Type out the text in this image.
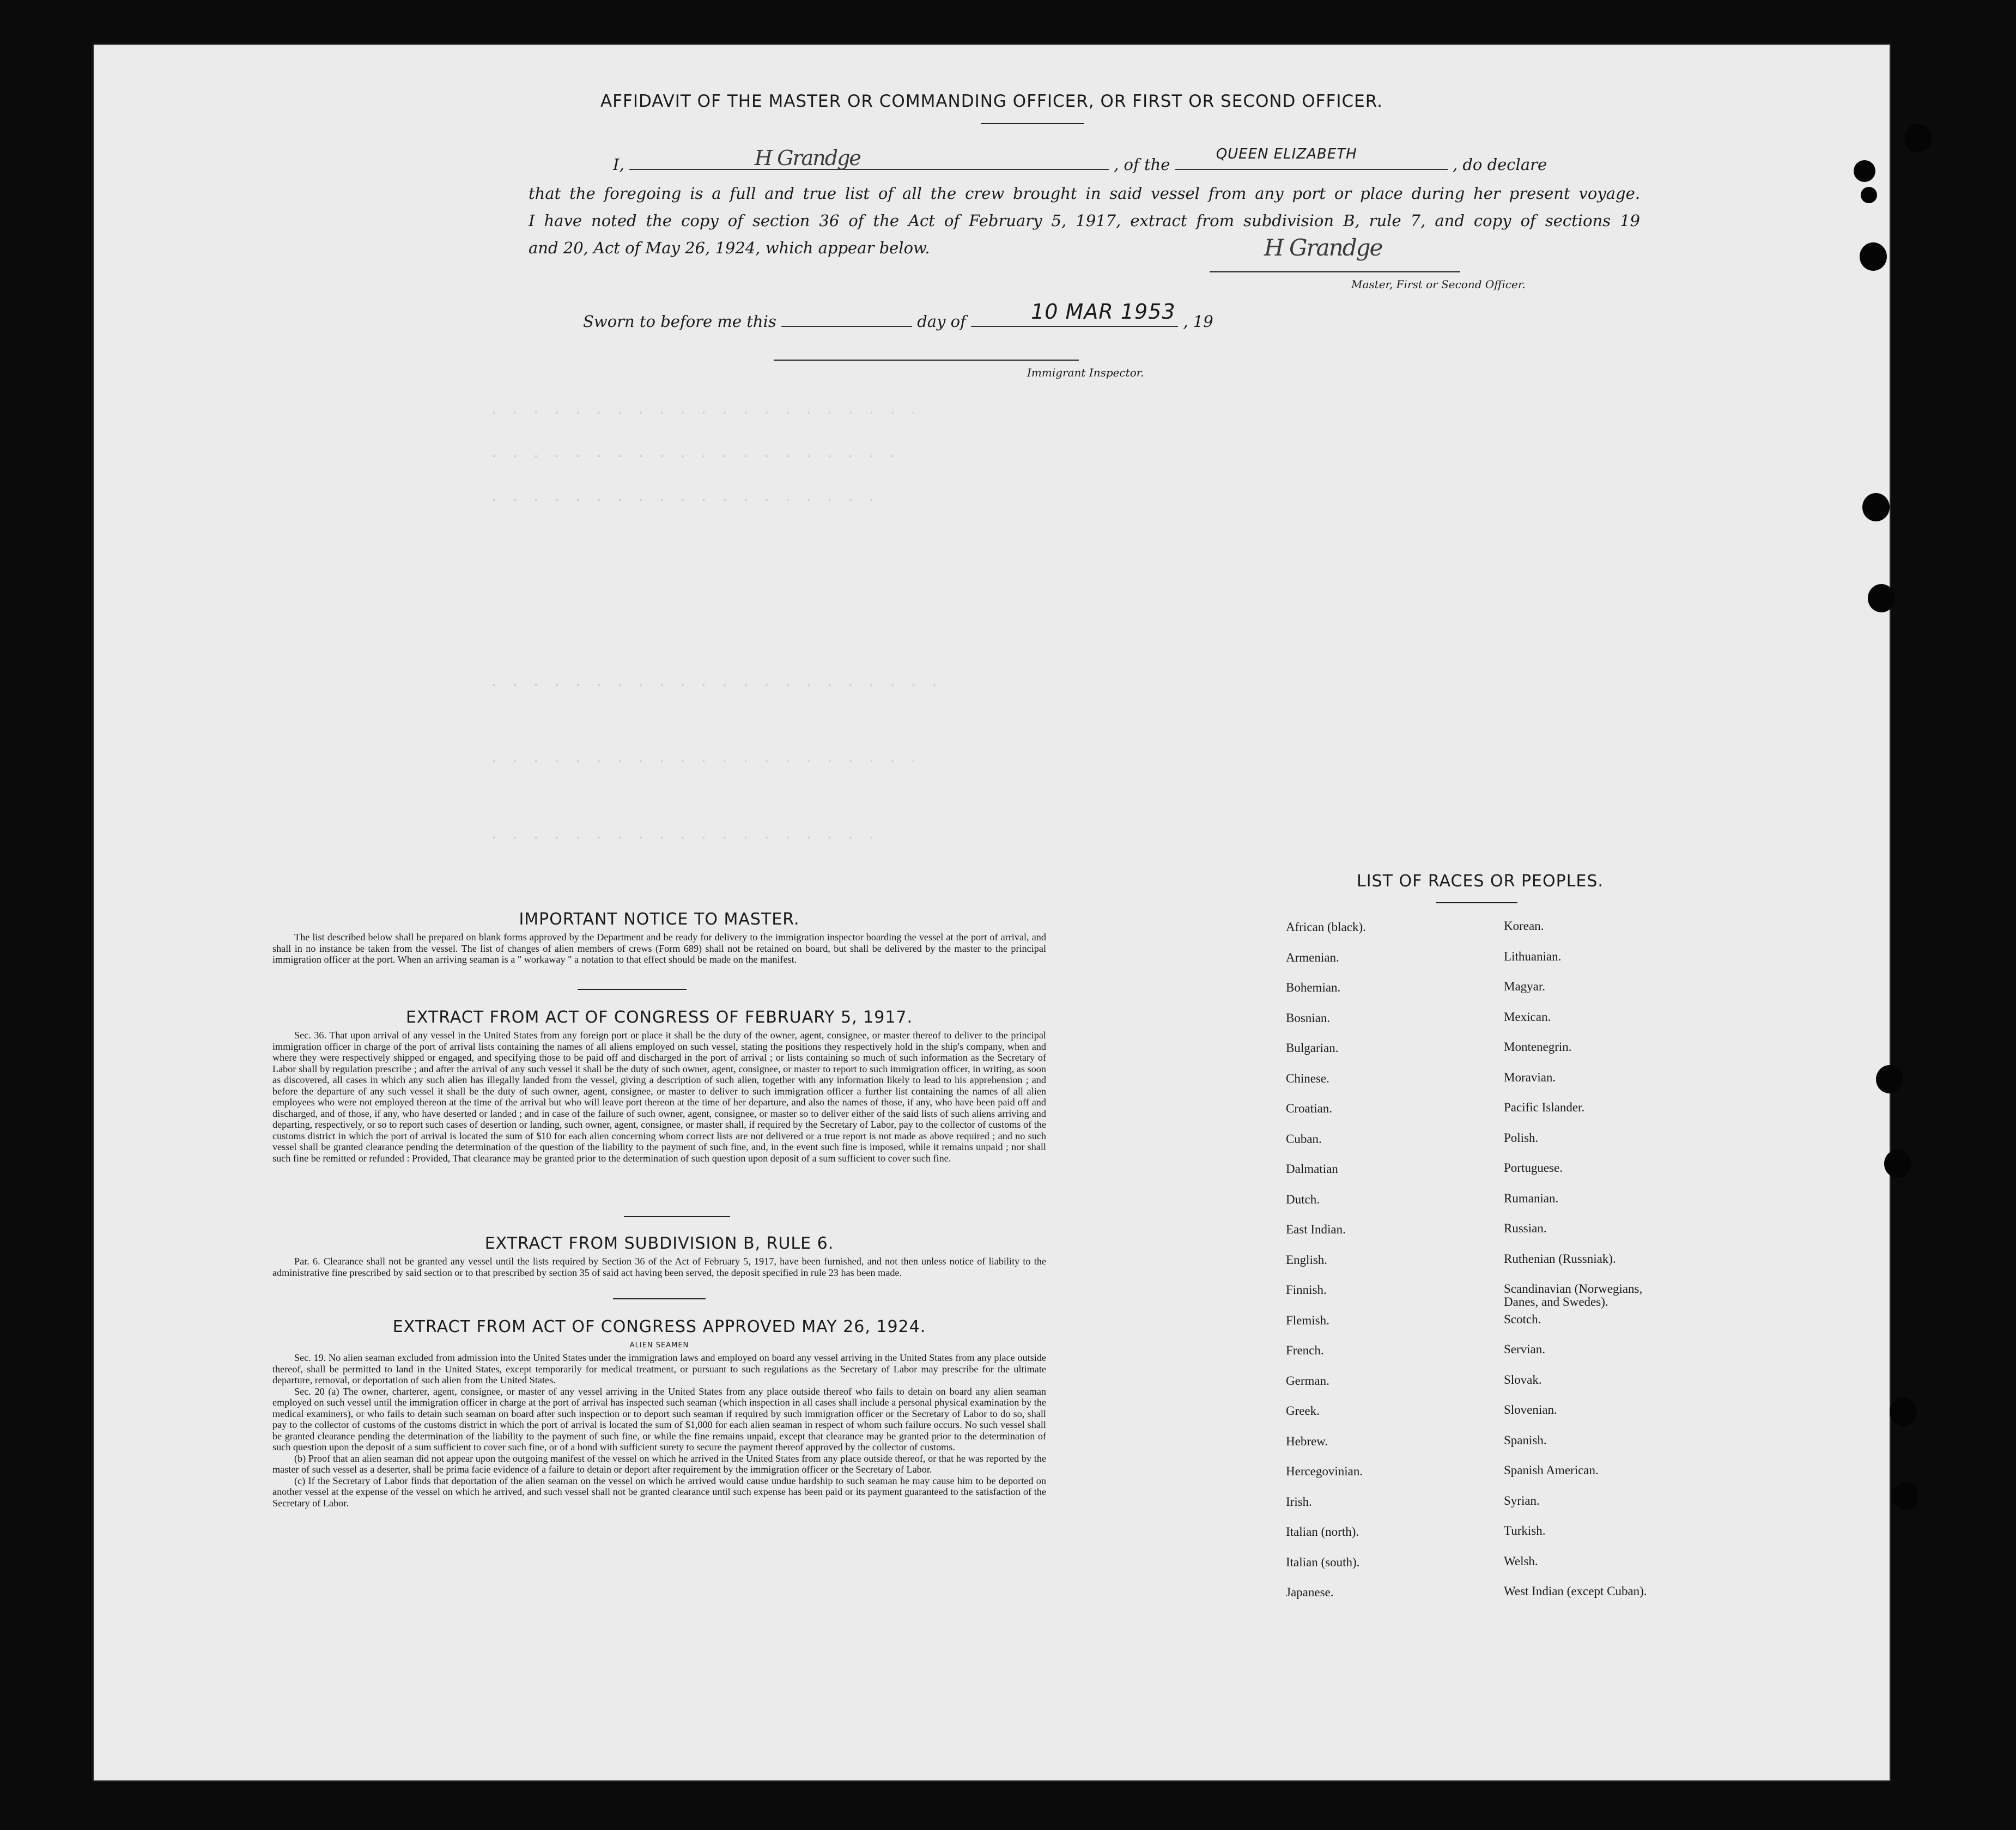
. . . . . . . . . . . . . . . . . . . . .
. . . . . . . . . . . . . . . . . . . .
. . . . . . . . . . . . . . . . . . .
. . . . . . . . . . . . . . . . . . . . . .
. . . . . . . . . . . . . . . . . . . . .
. . . . . . . . . . . . . . . . . . .
AFFIDAVIT OF THE MASTER OR COMMANDING OFFICER, OR FIRST OR SECOND OFFICER.
I,	H Grandge	, of the
QUEEN ELIZABETH
, do declare
that the foregoing is a full and true list of all the crew brought in said vessel from any port or place during her present voyage.
I have noted the copy of section 36 of the Act of February 5, 1917, extract from subdivision B, rule 7, and copy of sections 19
and 20, Act of May 26, 1924, which appear below.	H Grandge
Master, First or Second Officer.
Sworn to before me this	day of	10 MAR 1953 , 19
Immigrant Inspector.
IMPORTANT NOTICE TO MASTER.

The list described below shall be prepared on blank forms approved by the Department and be ready for delivery to the immigration inspector boarding the vessel at the port of arrival, and shall in no instance be taken from the vessel. The list of changes of alien members of crews (Form 689) shall not be retained on board, but shall be delivered by the master to the principal immigration officer at the port. When an arriving seaman is a " workaway " a notation to that effect should be made on the manifest.

EXTRACT FROM ACT OF CONGRESS OF FEBRUARY 5, 1917.

Sec. 36. That upon arrival of any vessel in the United States from any foreign port or place it shall be the duty of the owner, agent, consignee, or master thereof to deliver to the principal immigration officer in charge of the port of arrival lists containing the names of all aliens employed on such vessel, stating the positions they respectively hold in the ship's company, when and where they were respectively shipped or engaged, and specifying those to be paid off and discharged in the port of arrival ; or lists containing so much of such information as the Secretary of Labor shall by regulation prescribe ; and after the arrival of any such vessel it shall be the duty of such owner, agent, consignee, or master to report to such immigration officer, in writing, as soon as discovered, all cases in which any such alien has illegally landed from the vessel, giving a description of such alien, together with any information likely to lead to his apprehension ; and before the departure of any such vessel it shall be the duty of such owner, agent, consignee, or master to deliver to such immigration officer a further list containing the names of all alien employees who were not employed thereon at the time of the arrival but who will leave port thereon at the time of her departure, and also the names of those, if any, who have been paid off and discharged, and of those, if any, who have deserted or landed ; and in case of the failure of such owner, agent, consignee, or master so to deliver either of the said lists of such aliens arriving and departing, respectively, or so to report such cases of desertion or landing, such owner, agent, consignee, or master shall, if required by the Secretary of Labor, pay to the collector of customs of the customs district in which the port of arrival is located the sum of $10 for each alien concerning whom correct lists are not delivered or a true report is not made as above required ; and no such vessel shall be granted clearance pending the determination of the question of the liability to the payment of such fine, and, in the event such fine is imposed, while it remains unpaid ; nor shall such fine be remitted or refunded : Provided, That clearance may be granted prior to the determination of such question upon deposit of a sum sufficient to cover such fine.

EXTRACT FROM SUBDIVISION B, RULE 6.

Par. 6. Clearance shall not be granted any vessel until the lists required by Section 36 of the Act of February 5, 1917, have been furnished, and not then unless notice of liability to the administrative fine prescribed by said section or to that prescribed by section 35 of said act having been served, the deposit specified in rule 23 has been made.

EXTRACT FROM ACT OF CONGRESS APPROVED MAY 26, 1924.
ALIEN SEAMEN

Sec. 19. No alien seaman excluded from admission into the United States under the immigration laws and employed on board any vessel arriving in the United States from any place outside thereof, shall be permitted to land in the United States, except temporarily for medical treatment, or pursuant to such regulations as the Secretary of Labor may prescribe for the ultimate departure, removal, or deportation of such alien from the United States.

Sec. 20 (a) The owner, charterer, agent, consignee, or master of any vessel arriving in the United States from any place outside thereof who fails to detain on board any alien seaman employed on such vessel until the immigration officer in charge at the port of arrival has inspected such seaman (which inspection in all cases shall include a personal physical examination by the medical examiners), or who fails to detain such seaman on board after such inspection or to deport such seaman if required by such immigration officer or the Secretary of Labor to do so, shall pay to the collector of customs of the customs district in which the port of arrival is located the sum of $1,000 for each alien seaman in respect of whom such failure occurs. No such vessel shall be granted clearance pending the determination of the liability to the payment of such fine, or while the fine remains unpaid, except that clearance may be granted prior to the determination of such question upon the deposit of a sum sufficient to cover such fine, or of a bond with sufficient surety to secure the payment thereof approved by the collector of customs.

(b) Proof that an alien seaman did not appear upon the outgoing manifest of the vessel on which he arrived in the United States from any place outside thereof, or that he was reported by the master of such vessel as a deserter, shall be prima facie evidence of a failure to detain or deport after requirement by the immigration officer or the Secretary of Labor.

(c) If the Secretary of Labor finds that deportation of the alien seaman on the vessel on which he arrived would cause undue hardship to such seaman he may cause him to be deported on another vessel at the expense of the vessel on which he arrived, and such vessel shall not be granted clearance until such expense has been paid or its payment guaranteed to the satisfaction of the Secretary of Labor.

LIST OF RACES OR PEOPLES.
African (black).
Armenian.
Bohemian.
Bosnian.
Bulgarian.
Chinese.
Croatian.
Cuban.
Dalmatian
Dutch.
East Indian.
English.
Finnish.
Flemish.
French.
German.
Greek.
Hebrew.
Hercegovinian.
Irish.
Italian (north).
Italian (south).
Japanese.
Korean.
Lithuanian.
Magyar.
Mexican.
Montenegrin.
Moravian.
Pacific Islander.
Polish.
Portuguese.
Rumanian.
Russian.
Ruthenian (Russniak).
Scandinavian (Norwegians,
Danes, and Swedes).
Scotch.
Servian.
Slovak.
Slovenian.
Spanish.
Spanish American.
Syrian.
Turkish.
Welsh.
West Indian (except Cuban).
